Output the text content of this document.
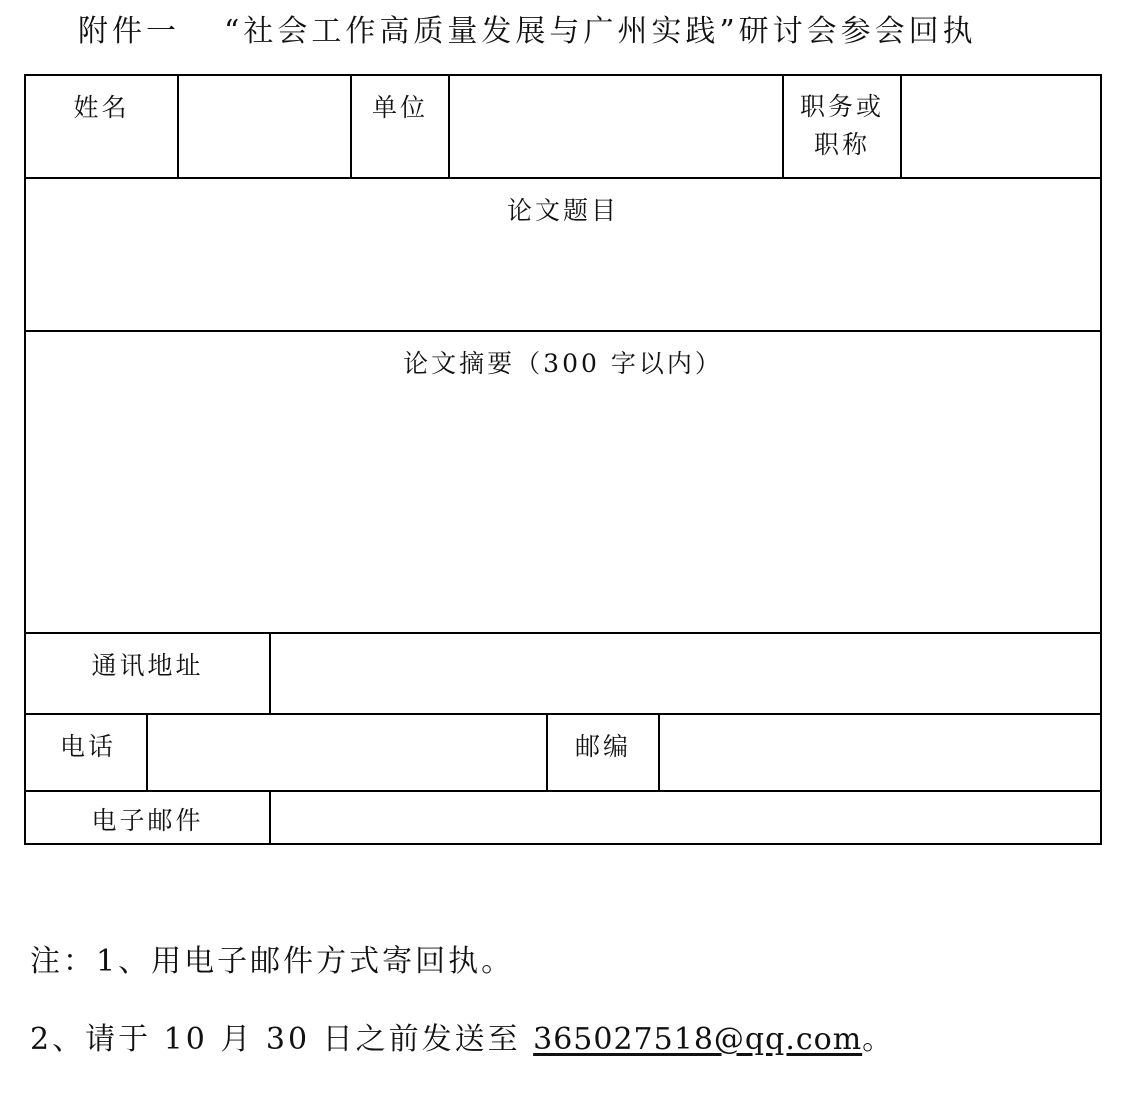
附件一 “社会工作高质量发展与广州实践”研讨会参会回执
姓名				单位				职务或
职称	

论文题目									

论文摘要（300 字以内）									

通讯地址									
电话						邮编			
电子邮件									
注：1、用电子邮件方式寄回执。
2、请于 10 月 30 日之前发送至 365027518@qq.com。
